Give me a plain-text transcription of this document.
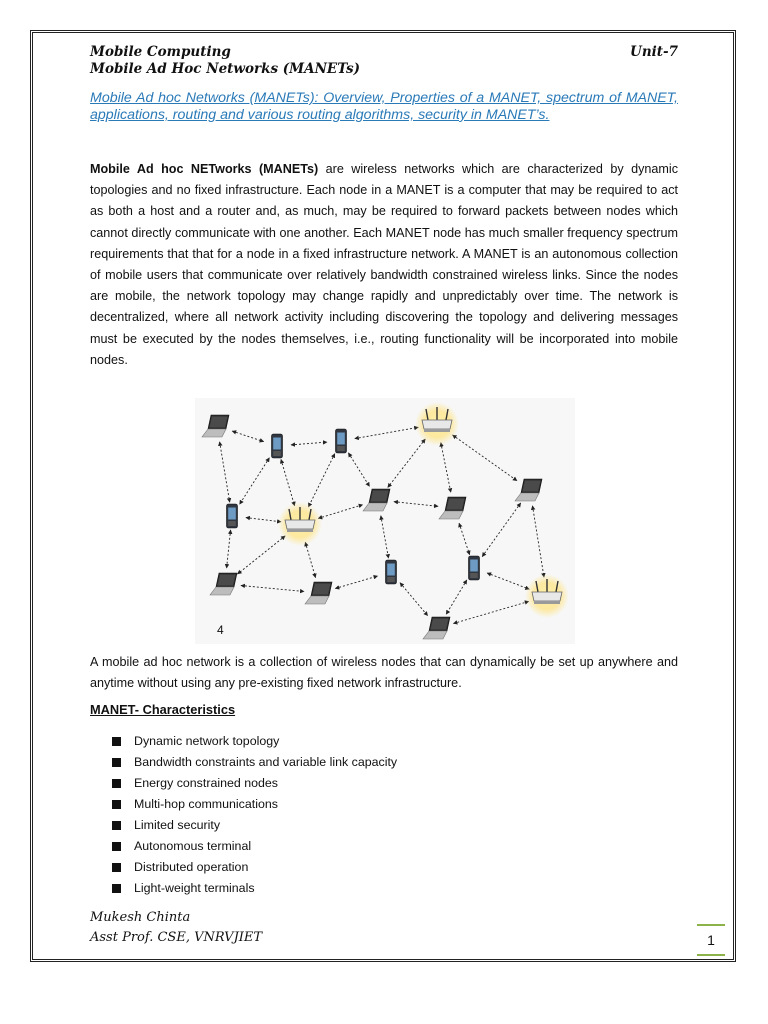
Mobile Computing
Mobile Ad Hoc Networks (MANETs)
Unit-7
Mobile Ad hoc Networks (MANETs): Overview, Properties of a MANET, spectrum of MANET, applications, routing and various routing algorithms, security in MANET’s.
Mobile Ad hoc NETworks (MANETs) are wireless networks which are characterized by dynamic topologies and no fixed infrastructure. Each node in a MANET is a computer that may be required to act as both a host and a router and, as much, may be required to forward packets between nodes which cannot directly communicate with one another. Each MANET node has much smaller frequency spectrum requirements that that for a node in a fixed infrastructure network. A MANET is an autonomous collection of mobile users that communicate over relatively bandwidth constrained wireless links. Since the nodes are mobile, the network topology may change rapidly and unpredictably over time. The network is decentralized, where all network activity including discovering the topology and delivering messages must be executed by the nodes themselves, i.e., routing functionality will be incorporated into mobile nodes.
4
A mobile ad hoc network is a collection of wireless nodes that can dynamically be set up anywhere and anytime without using any pre-existing fixed network infrastructure.
MANET- Characteristics
Dynamic network topology
Bandwidth constraints and variable link capacity
Energy constrained nodes
Multi-hop communications
Limited security
Autonomous terminal
Distributed operation
Light-weight terminals
Mukesh Chinta
Asst Prof. CSE, VNRVJIET	1
